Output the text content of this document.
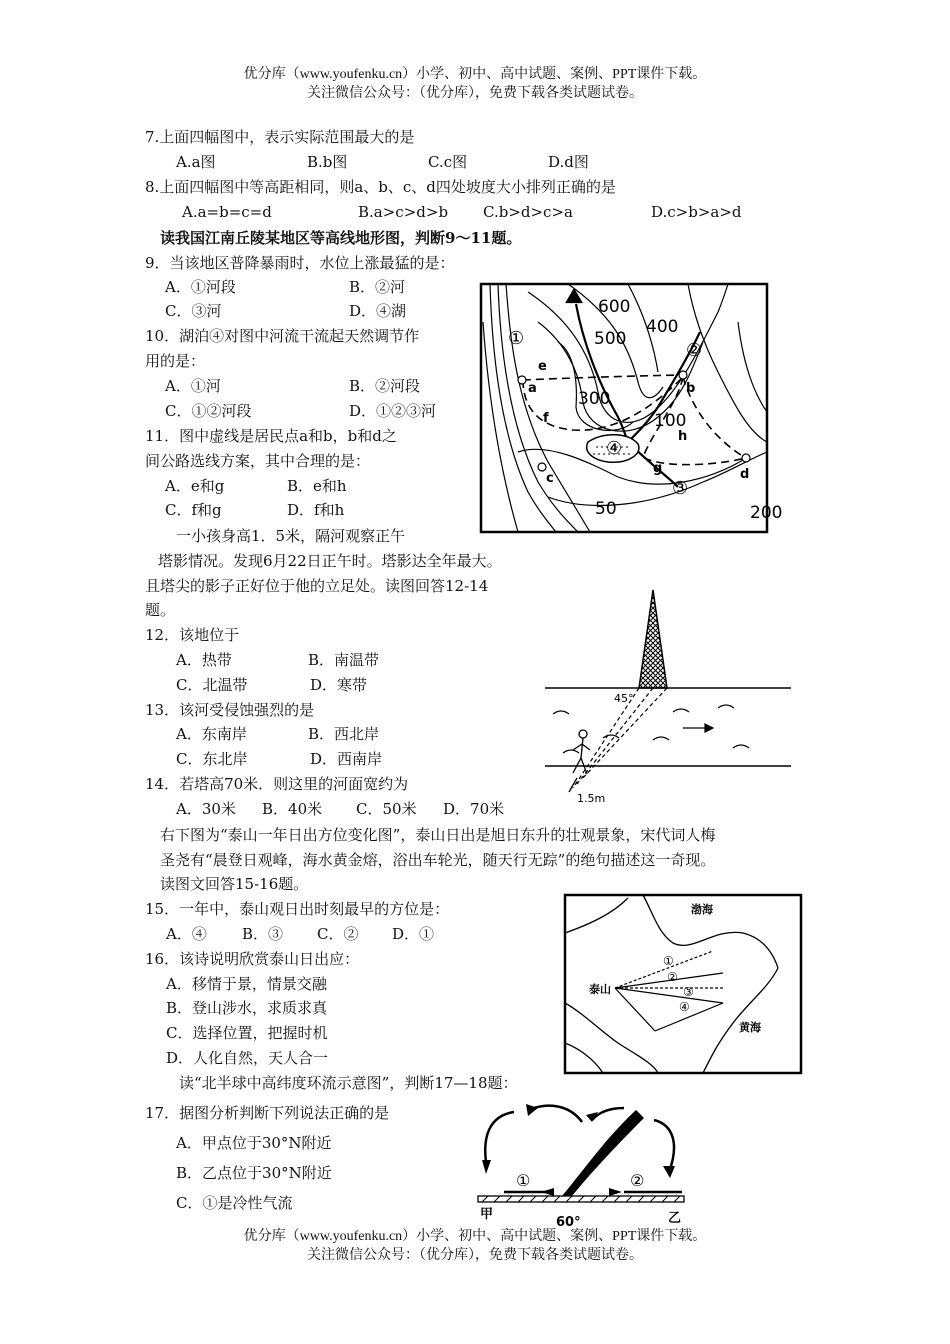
优分库（www.youfenku.cn）小学、初中、高中试题、案例、PPT课件下载。
关注微信公众号：（优分库），免费下载各类试题试卷。
7.上面四幅图中，表示实际范围最大的是
A.a图	B.b图	C.c图	D.d图
8.上面四幅图中等高距相同，则a、b、c、d四处坡度大小排列正确的是
A.a=b=c=d	B.a>c>d>b C.b>d>c>a	D.c>b>a>d
读我国江南丘陵某地区等高线地形图，判断9～11题。
9．当该地区普降暴雨时，水位上涨最猛的是：
A．①河段	B．②河
C．③河	D．④湖
10．湖泊④对图中河流干流起天然调节作
用的是：
A．①河	B．②河段
C．①②河段	D．①②③河
11．图中虚线是居民点a和b，b和d之
间公路选线方案，其中合理的是：
A．e和g	B．e和h
C．f和g	D．f和h
一小孩身高1．5米，隔河观察正午
塔影情况。发现6月22日正午时。塔影达全年最大。
且塔尖的影子正好位于他的立足处。读图回答12-14
题。
12．该地位于
A．热带	B．南温带
C．北温带	D．寒带
13．该河受侵蚀强烈的是
A．东南岸	B．西北岸
C．东北岸	D．西南岸
14．若塔高70米．则这里的河面宽约为
A．30米 B．40米 C．50米 D．70米
右下图为“泰山一年日出方位变化图”，泰山日出是旭日东升的壮观景象，宋代词人梅
圣尧有“晨登日观峰，海水黄金熔，浴出车轮光，随天行无踪”的绝句描述这一奇现。
读图文回答15-16题。
15．一年中，泰山观日出时刻最早的方位是：
A．④ B．③ C．② D．①
16．该诗说明欣赏泰山日出应：
A．移情于景，情景交融
B．登山涉水，求质求真
C．选择位置，把握时机
D．人化自然，天人合一
读“北半球中高纬度环流示意图”，判断17—18题：
17．据图分析判断下列说法正确的是
A．甲点位于30°N附近
B．乙点位于30°N附近
C．①是冷性气流
600
500
400
300
100
50	200
①
②
③
④
a	b
c	d
e
f
g
h
45°
1.5m
渤海
黄海
泰山
①
②
③
④
①	②
甲
60°	乙
优分库（www.youfenku.cn）小学、初中、高中试题、案例、PPT课件下载。
关注微信公众号：（优分库），免费下载各类试题试卷。
